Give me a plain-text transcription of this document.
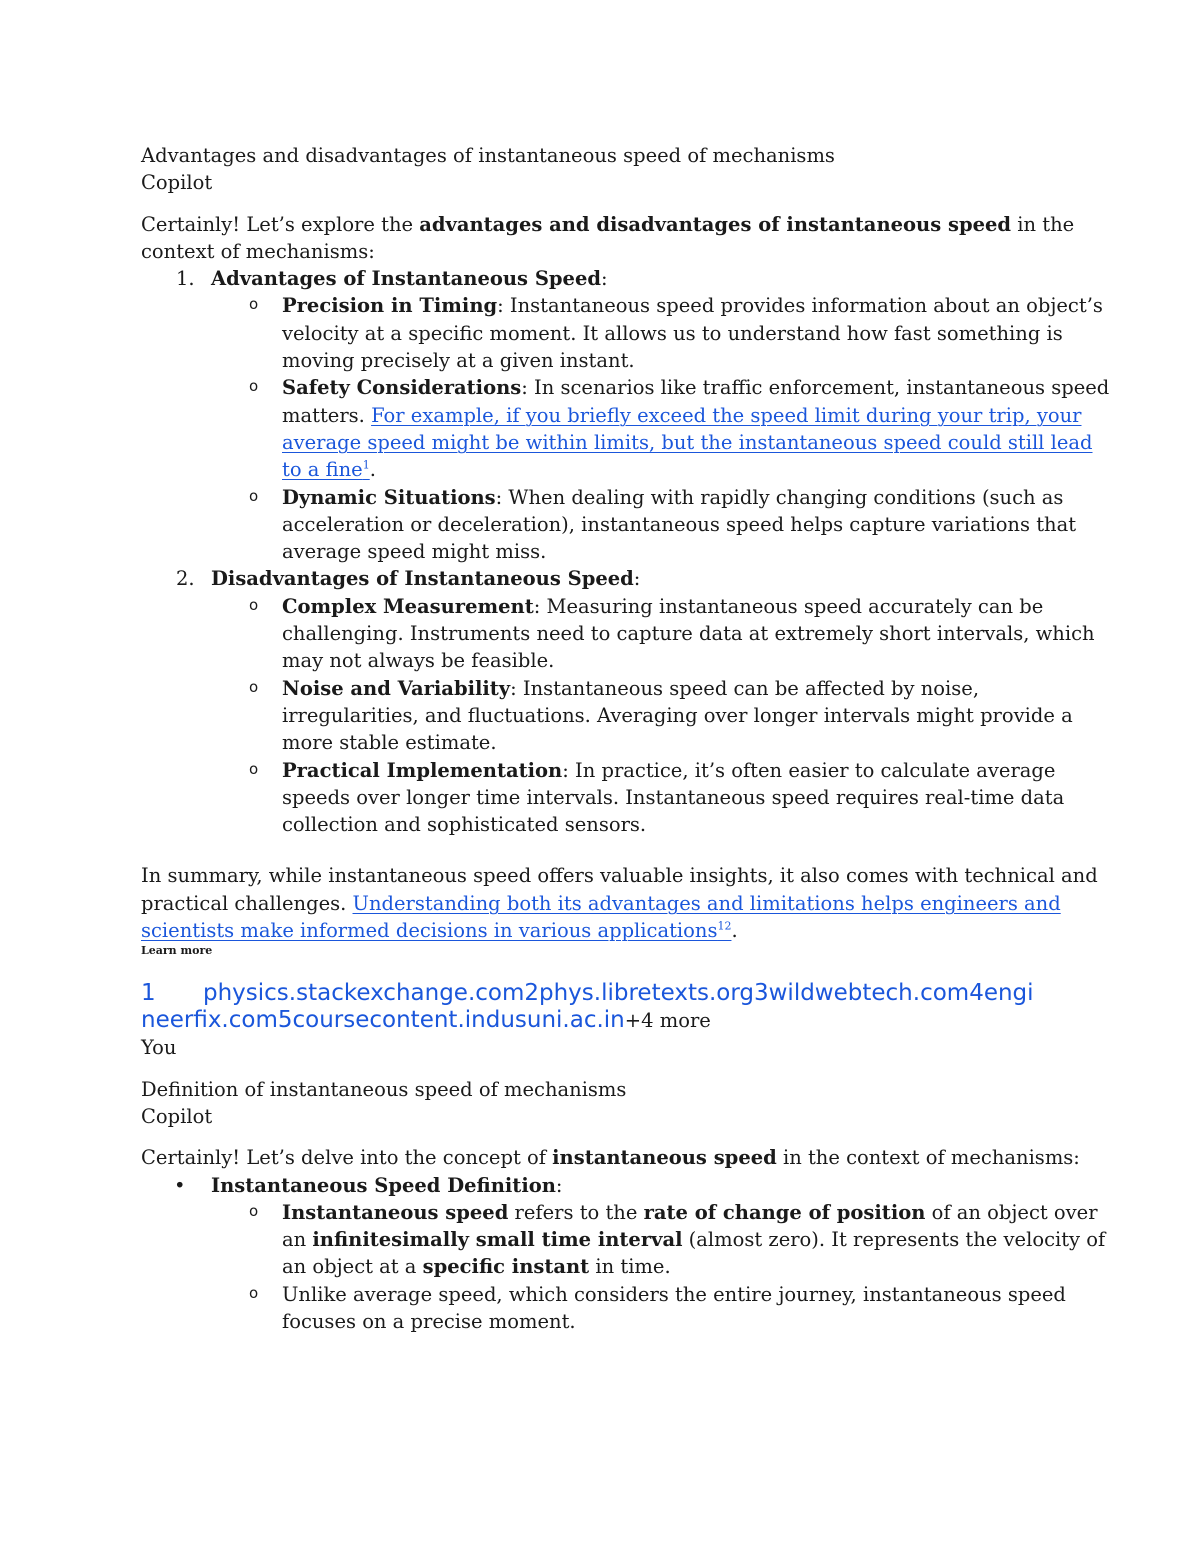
Advantages and disadvantages of instantaneous speed of mechanisms
Copilot
Certainly! Let’s explore the advantages and disadvantages of instantaneous speed in the
context of mechanisms:
1. Advantages of Instantaneous Speed:
o Precision in Timing: Instantaneous speed provides information about an object’s
velocity at a specific moment. It allows us to understand how fast something is
moving precisely at a given instant.
o Safety Considerations: In scenarios like traffic enforcement, instantaneous speed
matters. For example, if you briefly exceed the speed limit during your trip, your
average speed might be within limits, but the instantaneous speed could still lead
to a fine$^1$.
o Dynamic Situations: When dealing with rapidly changing conditions (such as
acceleration or deceleration), instantaneous speed helps capture variations that
average speed might miss.
2. Disadvantages of Instantaneous Speed:
o Complex Measurement: Measuring instantaneous speed accurately can be
challenging. Instruments need to capture data at extremely short intervals, which
may not always be feasible.
o Noise and Variability: Instantaneous speed can be affected by noise,
irregularities, and fluctuations. Averaging over longer intervals might provide a
more stable estimate.
o Practical Implementation: In practice, it’s often easier to calculate average
speeds over longer time intervals. Instantaneous speed requires real-time data
collection and sophisticated sensors.
In summary, while instantaneous speed offers valuable insights, it also comes with technical and
practical challenges. Understanding both its advantages and limitations helps engineers and
scientists make informed decisions in various applications$^{12}$.
Learn more
1 physics.stackexchange.com2phys.libretexts.org3wildwebtech.com4engi
neerfix.com5coursecontent.indusuni.ac.in+4 more
You
Definition of instantaneous speed of mechanisms
Copilot
Certainly! Let’s delve into the concept of instantaneous speed in the context of mechanisms:
• Instantaneous Speed Definition:
o Instantaneous speed refers to the rate of change of position of an object over
an infinitesimally small time interval (almost zero). It represents the velocity of
an object at a specific instant in time.
o Unlike average speed, which considers the entire journey, instantaneous speed
focuses on a precise moment.
